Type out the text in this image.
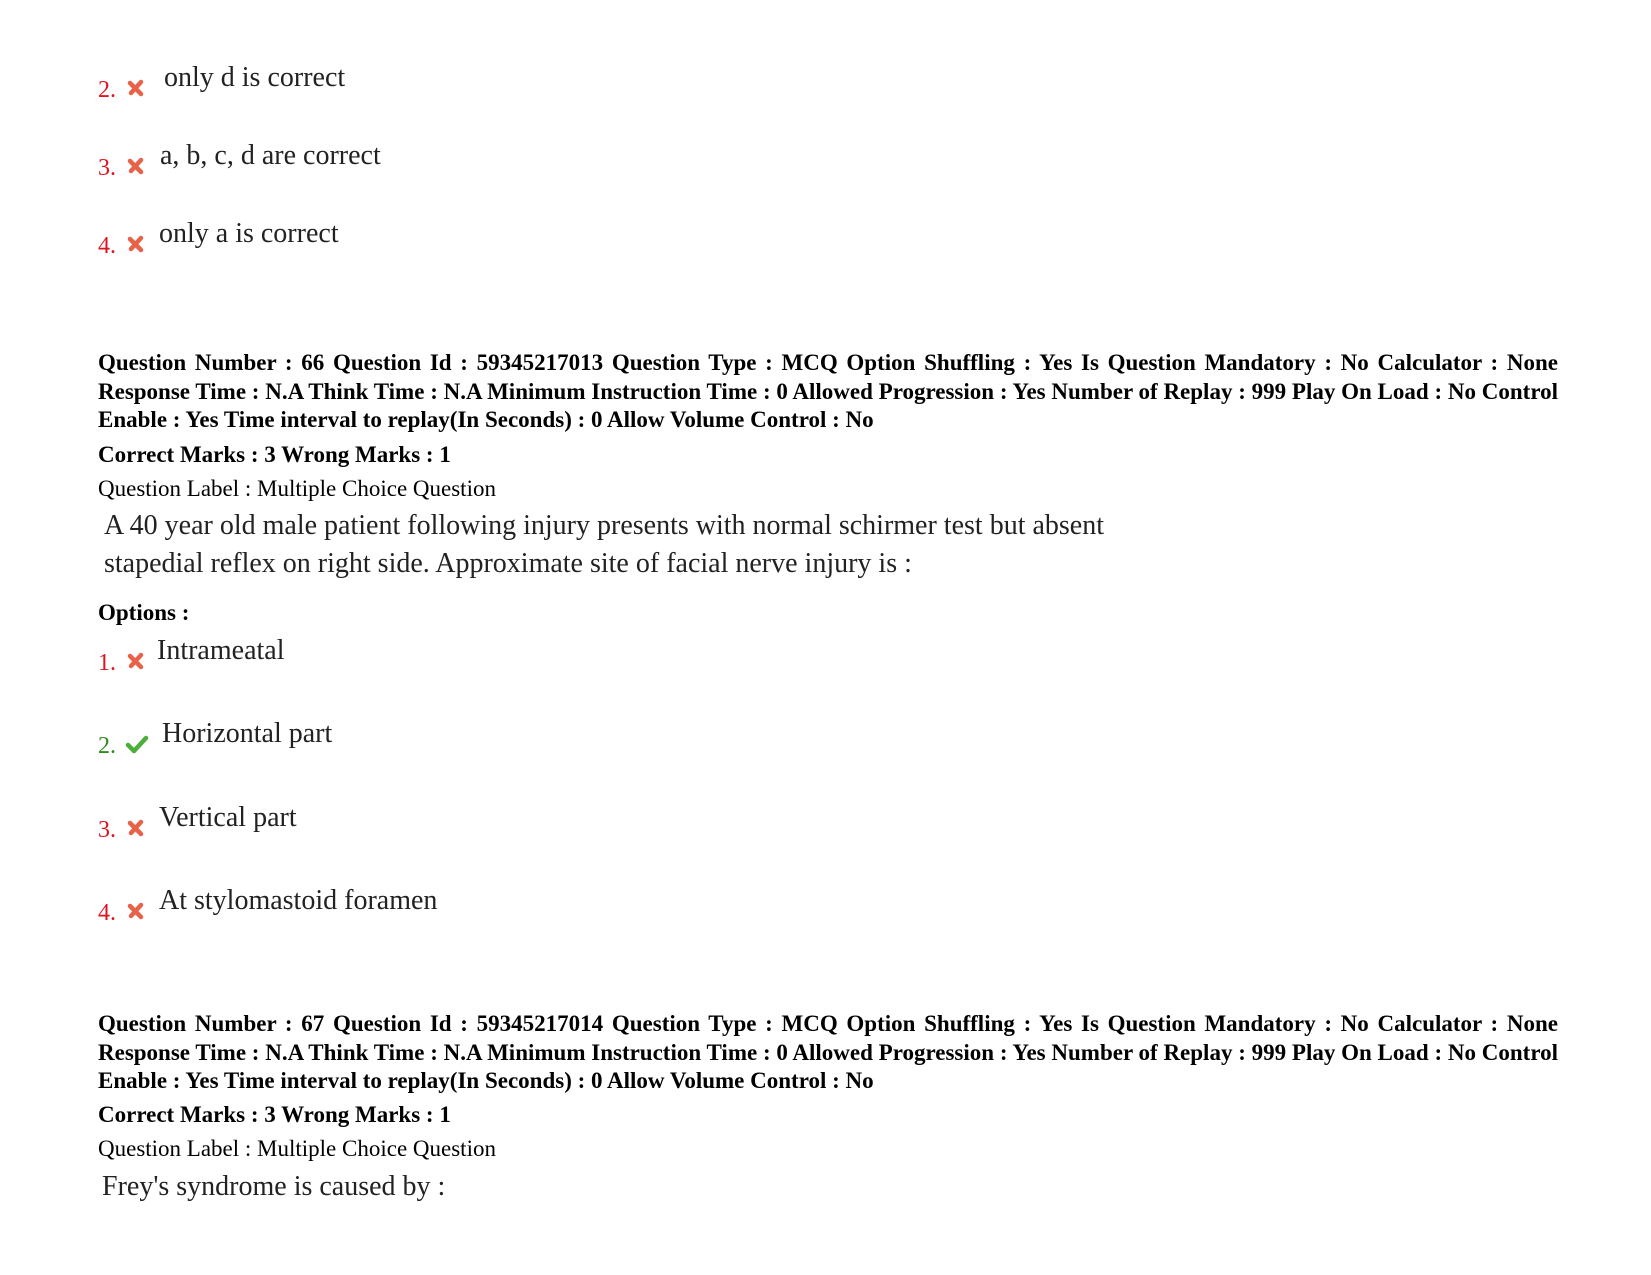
2. only d is correct
3. a, b, c, d are correct
4. only a is correct
Question Number : 66 Question Id : 59345217013 Question Type : MCQ Option Shuffling : Yes Is Question Mandatory : No Calculator : None Response Time : N.A Think Time : N.A Minimum Instruction Time : 0 Allowed Progression : Yes Number of Replay : 999 Play On Load : No Control Enable : Yes Time interval to replay(In Seconds) : 0 Allow Volume Control : No
Correct Marks : 3 Wrong Marks : 1
Question Label : Multiple Choice Question
A 40 year old male patient following injury presents with normal schirmer test but absent
stapedial reflex on right side. Approximate site of facial nerve injury is :
Options :
1. Intrameatal
2. Horizontal part
3. Vertical part
4. At stylomastoid foramen
Question Number : 67 Question Id : 59345217014 Question Type : MCQ Option Shuffling : Yes Is Question Mandatory : No Calculator : None Response Time : N.A Think Time : N.A Minimum Instruction Time : 0 Allowed Progression : Yes Number of Replay : 999 Play On Load : No Control Enable : Yes Time interval to replay(In Seconds) : 0 Allow Volume Control : No
Correct Marks : 3 Wrong Marks : 1
Question Label : Multiple Choice Question
Frey's syndrome is caused by :
